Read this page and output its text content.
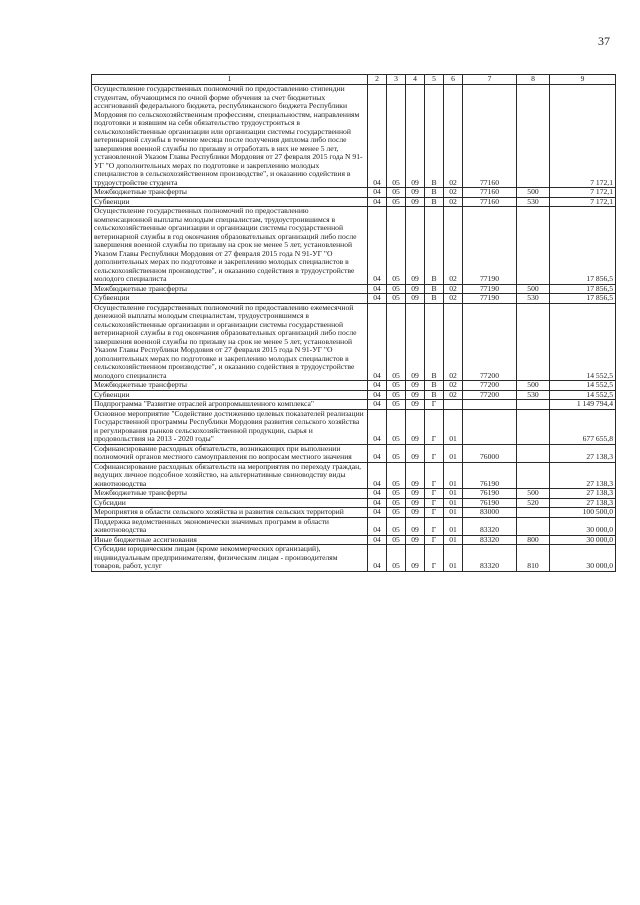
37
1	2	3	4	5	6	7	8	9
Осуществление государственных полномочий по предоставлению стипендии студентам, обучающимся по очной форме обучения за счет бюджетных ассигнований федерального бюджета, республиканского бюджета Республики Мордовия по сельскохозяйственным профессиям, специальностям, направлениям подготовки и взявшим на себя обязательство трудоустроиться в сельскохозяйственные организации или организации системы государственной ветеринарной службы в течение месяца после получения диплома либо после завершения военной службы по призыву и отработать в них не менее 5 лет, установленной Указом Главы Республики Мордовия от 27 февраля 2015 года N 91-УГ "О дополнительных мерах по подготовке и закреплению молодых специалистов в сельскохозяйственном производстве", и оказанию содействия в трудоустройстве студента	04	05	09	В	02	77160		7 172,1
Межбюджетные трансферты	04	05	09	В	02	77160	500	7 172,1
Субвенции	04	05	09	В	02	77160	530	7 172,1
Осуществление государственных полномочий по предоставлению компенсационной выплаты молодым специалистам, трудоустроившимся в сельскохозяйственные организации и организации системы государственной ветеринарной службы в год окончания образовательных организаций либо после завершения военной службы по призыву на срок не менее 5 лет, установленной Указом Главы Республики Мордовия от 27 февраля 2015 года N 91-УГ "О дополнительных мерах по подготовке и закреплению молодых специалистов в сельскохозяйственном производстве", и оказанию содействия в трудоустройстве молодого специалиста	04	05	09	В	02	77190		17 856,5
Межбюджетные трансферты	04	05	09	В	02	77190	500	17 856,5
Субвенции	04	05	09	В	02	77190	530	17 856,5
Осуществление государственных полномочий по предоставлению ежемесячной денежной выплаты молодым специалистам, трудоустроившимся в сельскохозяйственные организации и организации системы государственной ветеринарной службы в год окончания образовательных организаций либо после завершения военной службы по призыву на срок не менее 5 лет, установленной Указом Главы Республики Мордовия от 27 февраля 2015 года N 91-УГ "О дополнительных мерах по подготовке и закреплению молодых специалистов в сельскохозяйственном производстве", и оказанию содействия в трудоустройстве молодого специалиста	04	05	09	В	02	77200		14 552,5
Межбюджетные трансферты	04	05	09	В	02	77200	500	14 552,5
Субвенции	04	05	09	В	02	77200	530	14 552,5
Подпрограмма "Развитие отраслей агропромышленного комплекса"	04	05	09	Г				1 149 794,4
Основное мероприятие "Содействие достижению целевых показателей реализации Государственной программы Республики Мордовия развития сельского хозяйства и регулирования рынков сельскохозяйственной продукции, сырья и продовольствия на 2013 - 2020 годы"	04	05	09	Г	01			677 655,8
Софинансирование расходных обязательств, возникающих при выполнении полномочий органов местного самоуправления по вопросам местного значения	04	05	09	Г	01	76000		27 138,3
Софинансирование расходных обязательств на мероприятия по переходу граждан, ведущих личное подсобное хозяйство, на альтернативные свиноводству виды животноводства	04	05	09	Г	01	76190		27 138,3
Межбюджетные трансферты	04	05	09	Г	01	76190	500	27 138,3
Субсидии	04	05	09	Г	01	76190	520	27 138,3
Мероприятия в области сельского хозяйства и развития сельских территорий	04	05	09	Г	01	83000		100 500,0
Поддержка ведомственных экономически значимых программ в области животноводства	04	05	09	Г	01	83320		30 000,0
Иные бюджетные ассигнования	04	05	09	Г	01	83320	800	30 000,0
Субсидии юридическим лицам (кроме некоммерческих организаций), индивидуальным предпринимателям, физическим лицам - производителям товаров, работ, услуг	04	05	09	Г	01	83320	810	30 000,0
